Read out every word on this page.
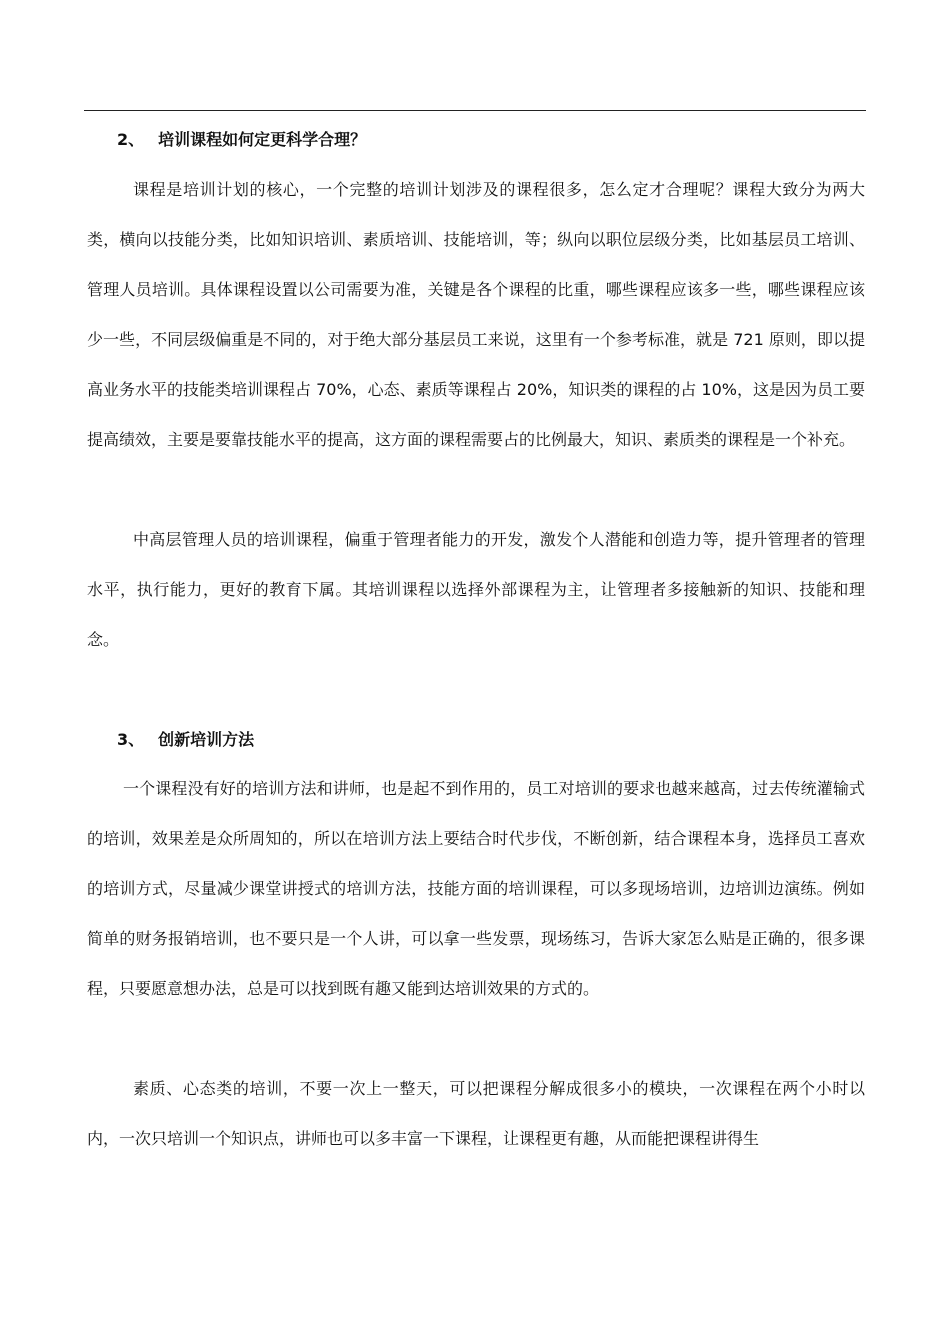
2、 培训课程如何定更科学合理？

课程是培训计划的核心，一个完整的培训计划涉及的课程很多，怎么定才合理呢？课程大致分为两大类，横向以技能分类，比如知识培训、素质培训、技能培训，等；纵向以职位层级分类，比如基层员工培训、管理人员培训。具体课程设置以公司需要为准，关键是各个课程的比重，哪些课程应该多一些，哪些课程应该少一些，不同层级偏重是不同的，对于绝大部分基层员工来说，这里有一个参考标准，就是 721 原则，即以提高业务水平的技能类培训课程占 70%，心态、素质等课程占 20%，知识类的课程的占 10%，这是因为员工要提高绩效，主要是要靠技能水平的提高，这方面的课程需要占的比例最大，知识、素质类的课程是一个补充。

中高层管理人员的培训课程，偏重于管理者能力的开发，激发个人潜能和创造力等，提升管理者的管理水平，执行能力，更好的教育下属。其培训课程以选择外部课程为主，让管理者多接触新的知识、技能和理念。

3、 创新培训方法

一个课程没有好的培训方法和讲师，也是起不到作用的，员工对培训的要求也越来越高，过去传统灌输式的培训，效果差是众所周知的，所以在培训方法上要结合时代步伐，不断创新，结合课程本身，选择员工喜欢的培训方式，尽量减少课堂讲授式的培训方法，技能方面的培训课程，可以多现场培训，边培训边演练。例如简单的财务报销培训，也不要只是一个人讲，可以拿一些发票，现场练习，告诉大家怎么贴是正确的，很多课程，只要愿意想办法，总是可以找到既有趣又能到达培训效果的方式的。

素质、心态类的培训，不要一次上一整天，可以把课程分解成很多小的模块，一次课程在两个小时以内，一次只培训一个知识点，讲师也可以多丰富一下课程，让课程更有趣，从而能把课程讲得生
